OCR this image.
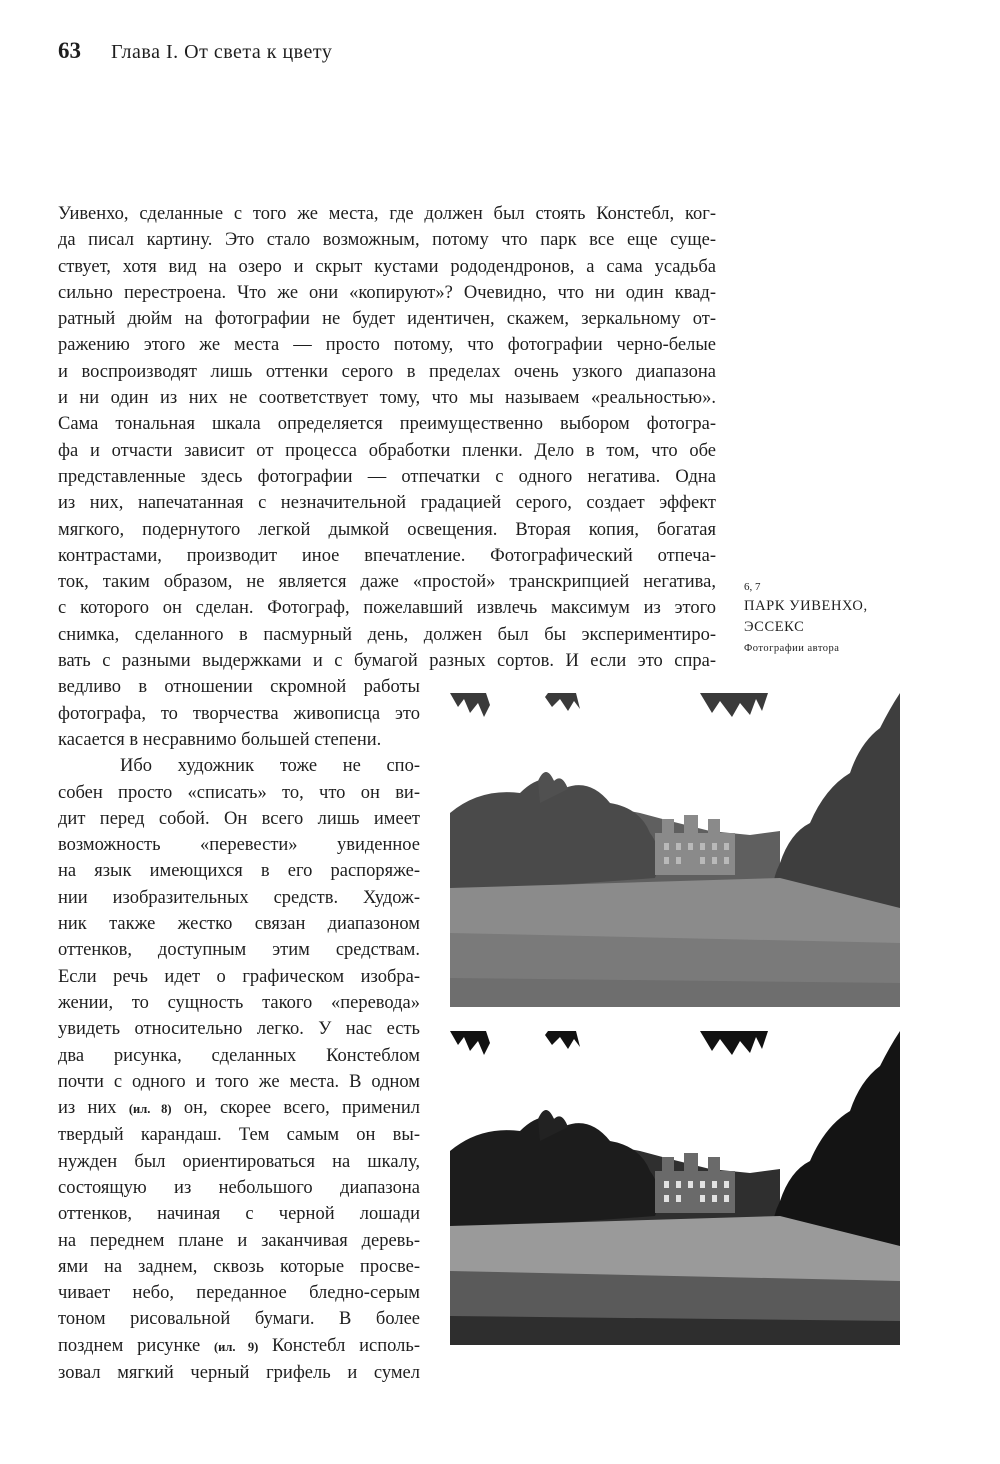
63 Глава I. От света к цвету

Уивенхо, сделанные с того же места, где должен был стоять Констебл, ког-

да писал картину. Это стало возможным, потому что парк все еще суще-

ствует, хотя вид на озеро и скрыт кустами рододендронов, а сама усадьба

сильно перестроена. Что же они «копируют»? Очевидно, что ни один квад-

ратный дюйм на фотографии не будет идентичен, скажем, зеркальному от-

ражению этого же места — просто потому, что фотографии черно-белые

и воспроизводят лишь оттенки серого в пределах очень узкого диапазона

и ни один из них не соответствует тому, что мы называем «реальностью».

Сама тональная шкала определяется преимущественно выбором фотогра-

фа и отчасти зависит от процесса обработки пленки. Дело в том, что обе

представленные здесь фотографии — отпечатки с одного негатива. Одна

из них, напечатанная с незначительной градацией серого, создает эффект

мягкого, подернутого легкой дымкой освещения. Вторая копия, богатая

контрастами, производит иное впечатление. Фотографический отпеча-

ток, таким образом, не является даже «простой» транскрипцией негатива,

с которого он сделан. Фотограф, пожелавший извлечь максимум из этого

снимка, сделанного в пасмурный день, должен был бы экспериментиро-

вать с разными выдержками и с бумагой разных сортов. И если это спра-

ведливо в отношении скромной работы

фотографа, то творчества живописца это

касается в несравнимо большей степени.

Ибо художник тоже не спо-

собен просто «списать» то, что он ви-

дит перед собой. Он всего лишь имеет

возможность «перевести» увиденное

на язык имеющихся в его распоряже-

нии изобразительных средств. Худож-

ник также жестко связан диапазоном

оттенков, доступным этим средствам.

Если речь идет о графическом изобра-

жении, то сущность такого «перевода»

увидеть относительно легко. У нас есть

два рисунка, сделанных Констеблом

почти с одного и того же места. В одном

из них (ил. 8) он, скорее всего, применил

твердый карандаш. Тем самым он вы-

нужден был ориентироваться на шкалу,

состоящую из небольшого диапазона

оттенков, начиная с черной лошади

на переднем плане и заканчивая деревь-

ями на заднем, сквозь которые просве-

чивает небо, переданное бледно-серым

тоном рисовальной бумаги. В более

позднем рисунке (ил. 9) Констебл исполь-

зовал мягкий черный грифель и сумел

6, 7
ПАРК УИВЕНХО,
ЭССЕКС
Фотографии автора
